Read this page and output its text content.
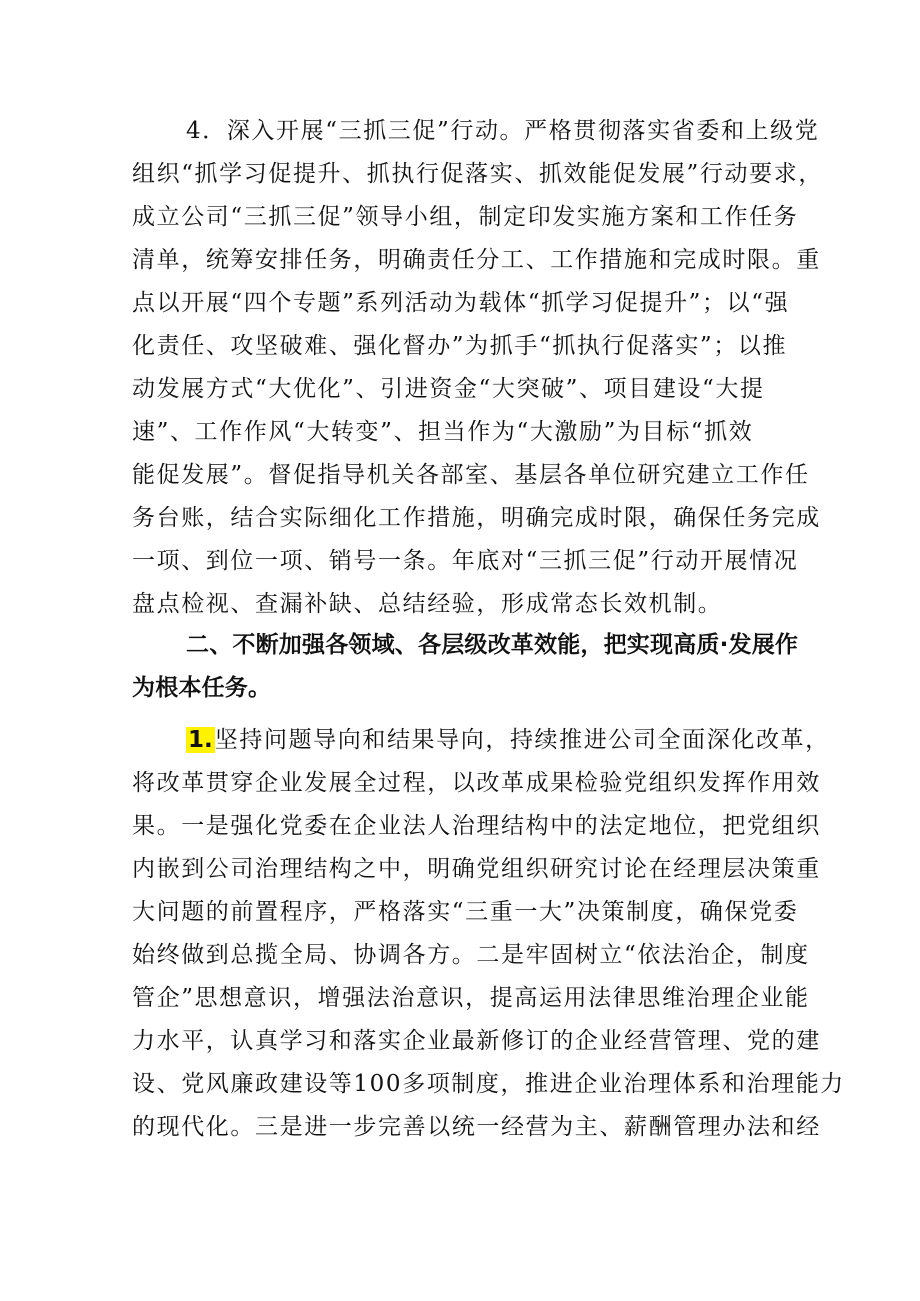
4．深入开展“三抓三促”行动。严格贯彻落实省委和上级党
组织“抓学习促提升、抓执行促落实、抓效能促发展”行动要求，
成立公司“三抓三促”领导小组，制定印发实施方案和工作任务
清单，统筹安排任务，明确责任分工、工作措施和完成时限。重
点以开展“四个专题”系列活动为载体“抓学习促提升”；以“强
化责任、攻坚破难、强化督办”为抓手“抓执行促落实”；以推
动发展方式“大优化”、引进资金“大突破”、项目建设“大提
速”、工作作风“大转变”、担当作为“大激励”为目标“抓效
能促发展”。督促指导机关各部室、基层各单位研究建立工作任
务台账，结合实际细化工作措施，明确完成时限，确保任务完成
一项、到位一项、销号一条。年底对“三抓三促”行动开展情况
盘点检视、查漏补缺、总结经验，形成常态长效机制。
二、不断加强各领域、各层级改革效能，把实现高质·发展作
为根本任务。
1.坚持问题导向和结果导向，持续推进公司全面深化改革，
将改革贯穿企业发展全过程，以改革成果检验党组织发挥作用效
果。一是强化党委在企业法人治理结构中的法定地位，把党组织
内嵌到公司治理结构之中，明确党组织研究讨论在经理层决策重
大问题的前置程序，严格落实“三重一大”决策制度，确保党委
始终做到总揽全局、协调各方。二是牢固树立“依法治企，制度
管企”思想意识，增强法治意识，提高运用法律思维治理企业能
力水平，认真学习和落实企业最新修订的企业经营管理、党的建
设、党风廉政建设等100多项制度，推进企业治理体系和治理能力
的现代化。三是进一步完善以统一经营为主、薪酬管理办法和经
